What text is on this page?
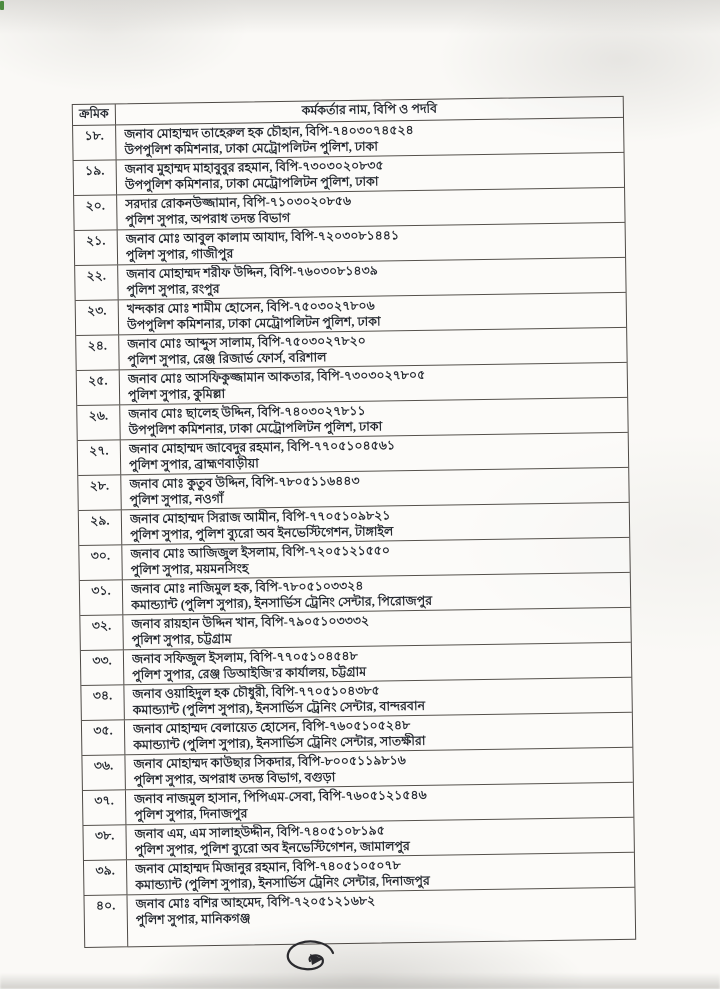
ক্রমিক	কর্মকর্তার নাম, বিপি ও পদবি
১৮.	জনাব মোহাম্মদ তাহেরুল হক চৌহান, বিপি-৭৪০৩০৭৪৫২৪
উপপুলিশ কমিশনার, ঢাকা মেট্রোপলিটন পুলিশ, ঢাকা
১৯.	জনাব মুহাম্মদ মাহাবুবুর রহমান, বিপি-৭৩০৩০২০৮৩৫
উপপুলিশ কমিশনার, ঢাকা মেট্রোপলিটন পুলিশ, ঢাকা
২০.	সরদার রোকনউজ্জামান, বিপি-৭১০৩০২০৮৫৬
পুলিশ সুপার, অপরাধ তদন্ত বিভাগ
২১.	জনাব মোঃ আবুল কালাম আযাদ, বিপি-৭২০৩০৮১৪৪১
পুলিশ সুপার, গাজীপুর
২২.	জনাব মোহাম্মদ শরীফ উদ্দিন, বিপি-৭৬০৩০৮১৪৩৯
পুলিশ সুপার, রংপুর
২৩.	খন্দকার মোঃ শামীম হোসেন, বিপি-৭৫০৩০২৭৮০৬
উপপুলিশ কমিশনার, ঢাকা মেট্রোপলিটন পুলিশ, ঢাকা
২৪.	জনাব মোঃ আব্দুস সালাম, বিপি-৭৫০৩০২৭৮২০
পুলিশ সুপার, রেঞ্জ রিজার্ভ ফোর্স, বরিশাল
২৫.	জনাব মোঃ আসফিকুজ্জামান আকতার, বিপি-৭৩০৩০২৭৮০৫
পুলিশ সুপার, কুমিল্লা
২৬.	জনাব মোঃ ছালেহ উদ্দিন, বিপি-৭৪০৩০২৭৮১১
উপপুলিশ কমিশনার, ঢাকা মেট্রোপলিটন পুলিশ, ঢাকা
২৭.	জনাব মোহাম্মদ জাবেদুর রহমান, বিপি-৭৭০৫১০৪৫৬১
পুলিশ সুপার, ব্রাহ্মণবাড়ীয়া
২৮.	জনাব মোঃ কুতুব উদ্দিন, বিপি-৭৮০৫১১৬৪৪৩
পুলিশ সুপার, নওগাঁ
২৯.	জনাব মোহাম্মদ সিরাজ আমীন, বিপি-৭৭০৫১০৯৮২১
পুলিশ সুপার, পুলিশ ব্যুরো অব ইনভেস্টিগেশন, টাঙ্গাইল
৩০.	জনাব মোঃ আজিজুল ইসলাম, বিপি-৭২০৫১২১৫৫০
পুলিশ সুপার, ময়মনসিংহ
৩১.	জনাব মোঃ নাজিমুল হক, বিপি-৭৮০৫১০৩৩২৪
কমান্ড্যান্ট (পুলিশ সুপার), ইনসার্ভিস ট্রেনিং সেন্টার, পিরোজপুর
৩২.	জনাব রায়হান উদ্দিন খান, বিপি-৭৯০৫১০৩৩৩২
পুলিশ সুপার, চট্টগ্রাম
৩৩.	জনাব সফিজুল ইসলাম, বিপি-৭৭০৫১০৪৫৪৮
পুলিশ সুপার, রেঞ্জ ডিআইজি'র কার্যালয়, চট্টগ্রাম
৩৪.	জনাব ওয়াহিদুল হক চৌধুরী, বিপি-৭৭০৫১০৪৩৮৫
কমান্ড্যান্ট (পুলিশ সুপার), ইনসার্ভিস ট্রেনিং সেন্টার, বান্দরবান
৩৫.	জনাব মোহাম্মদ বেলায়েত হোসেন, বিপি-৭৬০৫১০৫২৪৮
কমান্ড্যান্ট (পুলিশ সুপার), ইনসার্ভিস ট্রেনিং সেন্টার, সাতক্ষীরা
৩৬.	জনাব মোহাম্মদ কাউছার সিকদার, বিপি-৮০০৫১১৯৮১৬
পুলিশ সুপার, অপরাধ তদন্ত বিভাগ, বগুড়া
৩৭.	জনাব নাজমুল হাসান, পিপিএম-সেবা, বিপি-৭৬০৫১২১৫৪৬
পুলিশ সুপার, দিনাজপুর
৩৮.	জনাব এম, এম সালাহউদ্দীন, বিপি-৭৪০৫১০৮১৯৫
পুলিশ সুপার, পুলিশ ব্যুরো অব ইনভেস্টিগেশন, জামালপুর
৩৯.	জনাব মোহাম্মদ মিজানুর রহমান, বিপি-৭৪০৫১০৫০৭৮
কমান্ড্যান্ট (পুলিশ সুপার), ইনসার্ভিস ট্রেনিং সেন্টার, দিনাজপুর
৪০.	জনাব মোঃ বশির আহমেদ, বিপি-৭২০৫১২১৬৮২
পুলিশ সুপার, মানিকগঞ্জ
